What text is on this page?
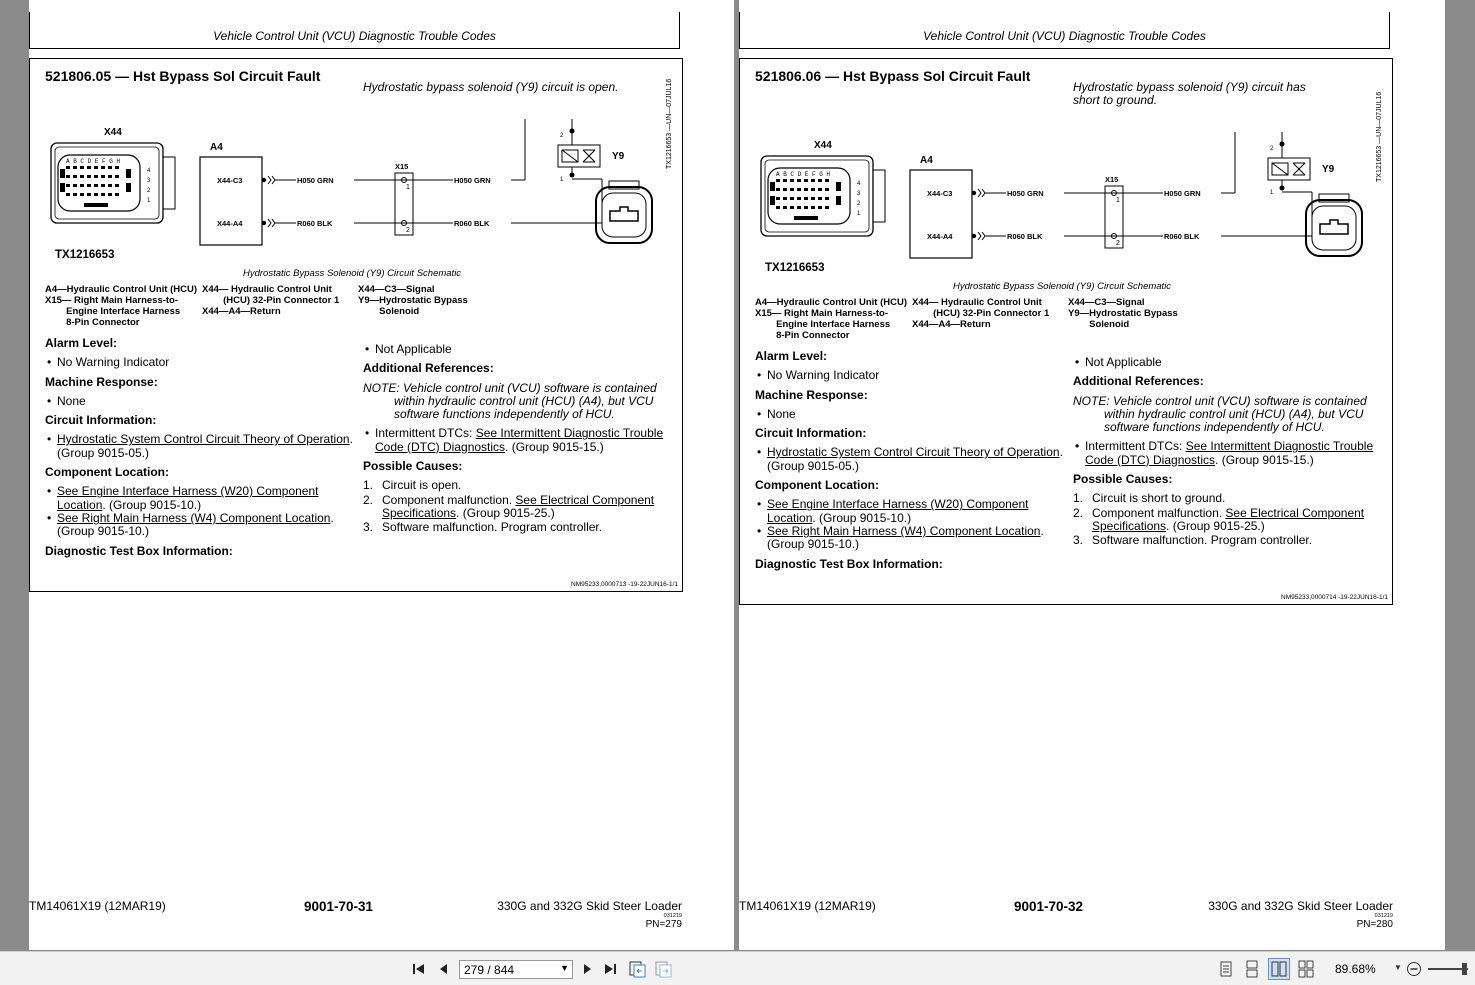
Vehicle Control Unit (VCU) Diagnostic Trouble Codes
521806.05 — Hst Bypass Sol Circuit Fault
Hydrostatic bypass solenoid (Y9) circuit is open.
X44
A B C D E F G H
4
3
2
1
A4
X44-C3
X44-A4
H050 GRN
R060 BLK
X15
1
2
H050 GRN
R060 BLK
2
1
Y9
TX1216653
TX1216653 —UN—07JUL16
Hydrostatic Bypass Solenoid (Y9) Circuit Schematic
A4—Hydraulic Control Unit (HCU)
X15— Right Main Harness-to-
Engine Interface Harness
8-Pin Connector
X44— Hydraulic Control Unit
(HCU) 32-Pin Connector 1
X44—A4—Return
X44—C3—Signal
Y9—Hydrostatic Bypass
Solenoid
Alarm Level:
• No Warning Indicator
Machine Response:
• None
Circuit Information:
• Hydrostatic System Control Circuit Theory of Operation. (Group 9015-05.)
Component Location:
• See Engine Interface Harness (W20) Component Location. (Group 9015-10.)
• See Right Main Harness (W4) Component Location. (Group 9015-10.)
Diagnostic Test Box Information:
• Not Applicable
Additional References:
NOTE: Vehicle control unit (VCU) software is contained
within hydraulic control unit (HCU) (A4), but VCU software functions independently of HCU.
• Intermittent DTCs: See Intermittent Diagnostic Trouble Code (DTC) Diagnostics. (Group 9015-15.)
Possible Causes:
1. Circuit is open.
2. Component malfunction. See Electrical Component Specifications. (Group 9015-25.)
3. Software malfunction. Program controller.
NM95233,0000713 -19-22JUN16-1/1
TM14061X19 (12MAR19)	9001-70-31	330G and 332G Skid Steer Loader
031219
PN=279
Vehicle Control Unit (VCU) Diagnostic Trouble Codes
521806.06 — Hst Bypass Sol Circuit Fault
Hydrostatic bypass solenoid (Y9) circuit has short to ground.
X44
A B C D E F G H
4
3
2
1
A4
X44-C3
X44-A4
H050 GRN
R060 BLK
X15
1
2
H050 GRN
R060 BLK
2
1
Y9
TX1216653
TX1216653 —UN—07JUL16
Hydrostatic Bypass Solenoid (Y9) Circuit Schematic
A4—Hydraulic Control Unit (HCU)
X15— Right Main Harness-to-
Engine Interface Harness
8-Pin Connector
X44— Hydraulic Control Unit
(HCU) 32-Pin Connector 1
X44—A4—Return
X44—C3—Signal
Y9—Hydrostatic Bypass
Solenoid
Alarm Level:
• No Warning Indicator
Machine Response:
• None
Circuit Information:
• Hydrostatic System Control Circuit Theory of Operation. (Group 9015-05.)
Component Location:
• See Engine Interface Harness (W20) Component Location. (Group 9015-10.)
• See Right Main Harness (W4) Component Location. (Group 9015-10.)
Diagnostic Test Box Information:
• Not Applicable
Additional References:
NOTE: Vehicle control unit (VCU) software is contained
within hydraulic control unit (HCU) (A4), but VCU software functions independently of HCU.
• Intermittent DTCs: See Intermittent Diagnostic Trouble Code (DTC) Diagnostics. (Group 9015-15.)
Possible Causes:
1. Circuit is short to ground.
2. Component malfunction. See Electrical Component Specifications. (Group 9015-25.)
3. Software malfunction. Program controller.
NM95233,0000714 -19-22JUN16-1/1
TM14061X19 (12MAR19)	9001-70-32	330G and 332G Skid Steer Loader
031219
PN=280
279 / 844	▼	89.68% ▼
